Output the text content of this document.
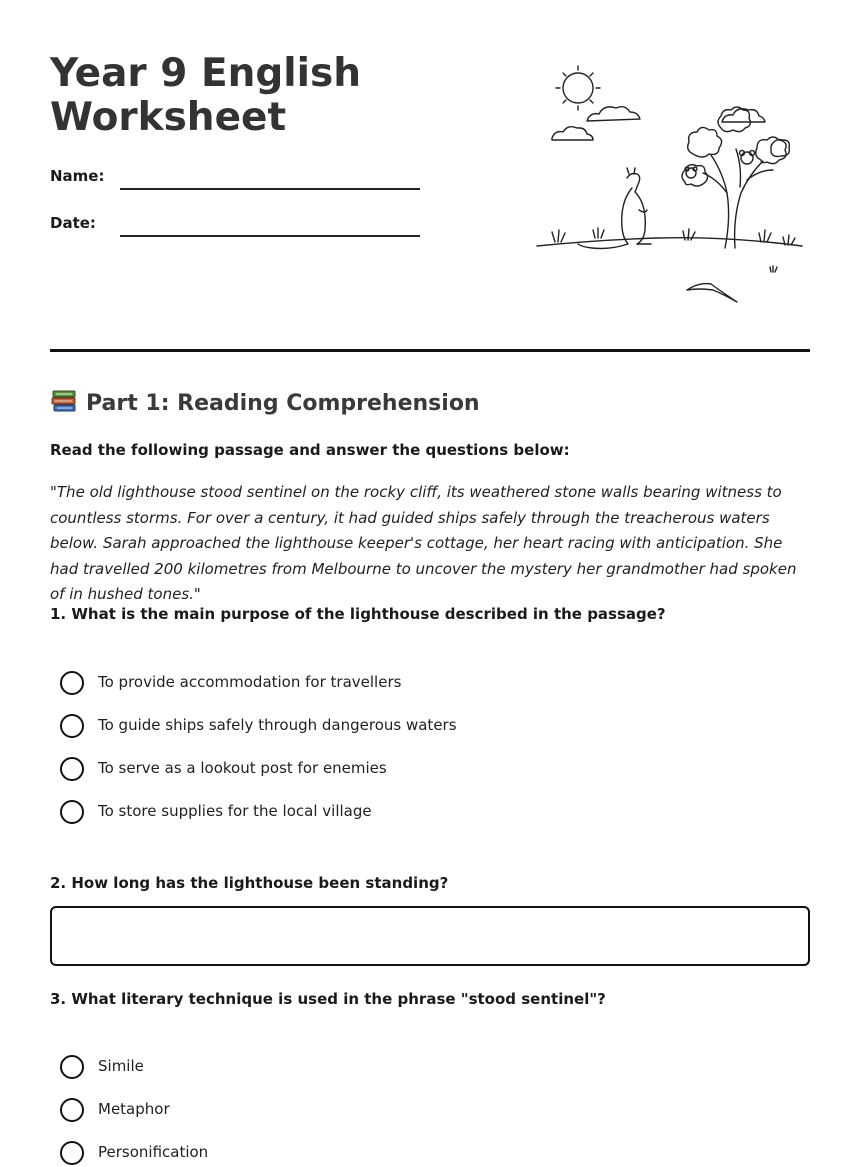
Year 9 English Worksheet
Name:
Date:
Part 1: Reading Comprehension
Read the following passage and answer the questions below:

"The old lighthouse stood sentinel on the rocky cliff, its weathered stone walls bearing witness to countless storms. For over a century, it had guided ships safely through the treacherous waters below. Sarah approached the lighthouse keeper's cottage, her heart racing with anticipation. She had travelled 200 kilometres from Melbourne to uncover the mystery her grandmother had spoken of in hushed tones."

1. What is the main purpose of the lighthouse described in the passage?
To provide accommodation for travellers
To guide ships safely through dangerous waters
To serve as a lookout post for enemies
To store supplies for the local village
2. How long has the lighthouse been standing?
3. What literary technique is used in the phrase "stood sentinel"?
Simile
Metaphor
Personification
